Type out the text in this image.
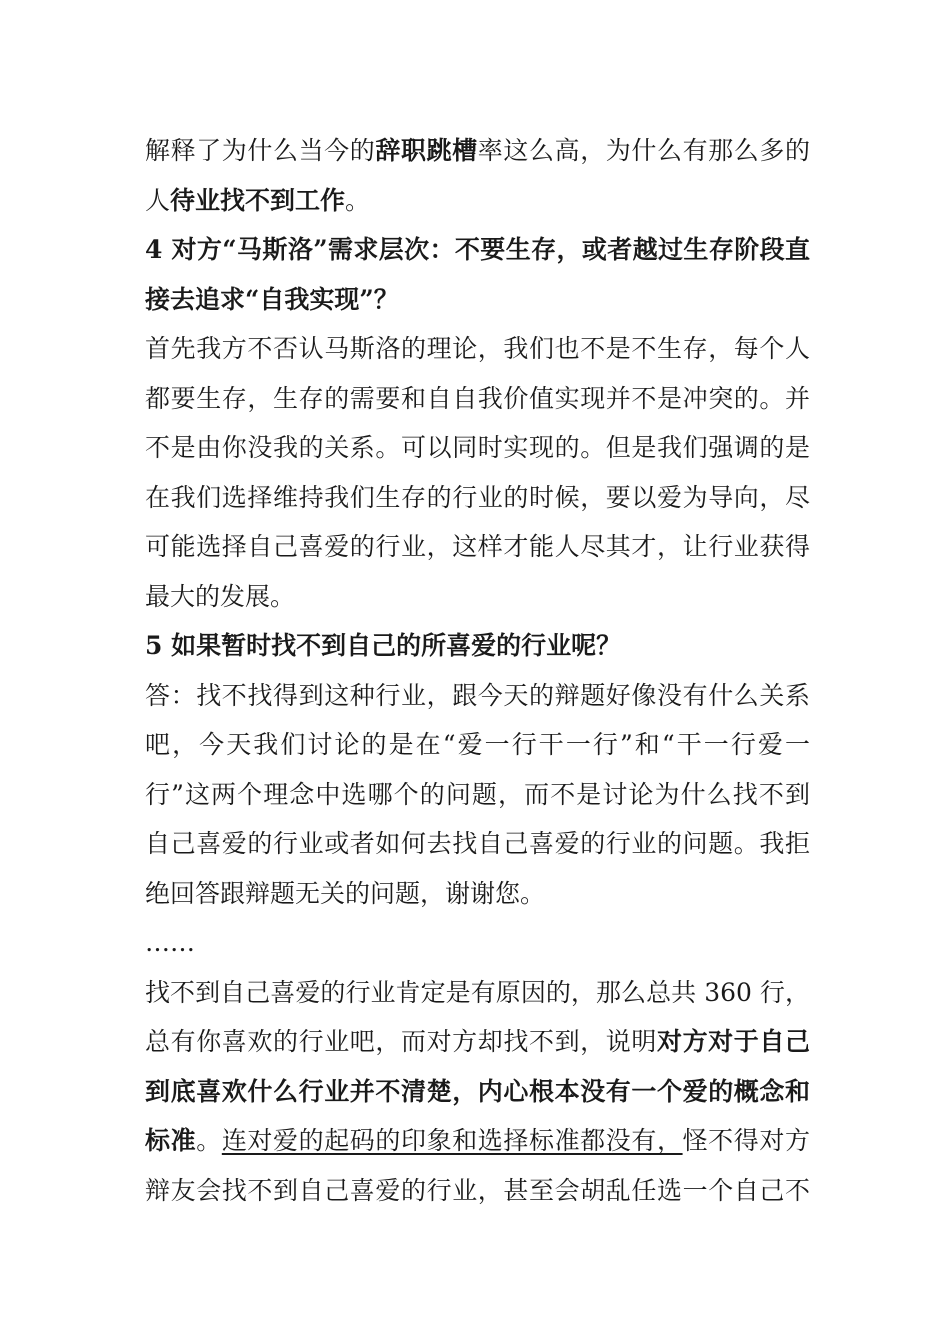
解释了为什么当今的辞职跳槽率这么高，为什么有那么多的
人待业找不到工作。
4 对方“马斯洛”需求层次：不要生存，或者越过生存阶段直
接去追求“自我实现”？
首先我方不否认马斯洛的理论，我们也不是不生存，每个人
都要生存，生存的需要和自自我价值实现并不是冲突的。并
不是由你没我的关系。可以同时实现的。但是我们强调的是
在我们选择维持我们生存的行业的时候，要以爱为导向，尽
可能选择自己喜爱的行业，这样才能人尽其才，让行业获得
最大的发展。
5 如果暂时找不到自己的所喜爱的行业呢？
答：找不找得到这种行业，跟今天的辩题好像没有什么关系
吧，今天我们讨论的是在“爱一行干一行”和“干一行爱一
行”这两个理念中选哪个的问题，而不是讨论为什么找不到
自己喜爱的行业或者如何去找自己喜爱的行业的问题。我拒
绝回答跟辩题无关的问题，谢谢您。
……
找不到自己喜爱的行业肯定是有原因的，那么总共 360 行，
总有你喜欢的行业吧，而对方却找不到，说明对方对于自己
到底喜欢什么行业并不清楚，内心根本没有一个爱的概念和
标准。连对爱的起码的印象和选择标准都没有，怪不得对方
辩友会找不到自己喜爱的行业，甚至会胡乱任选一个自己不
